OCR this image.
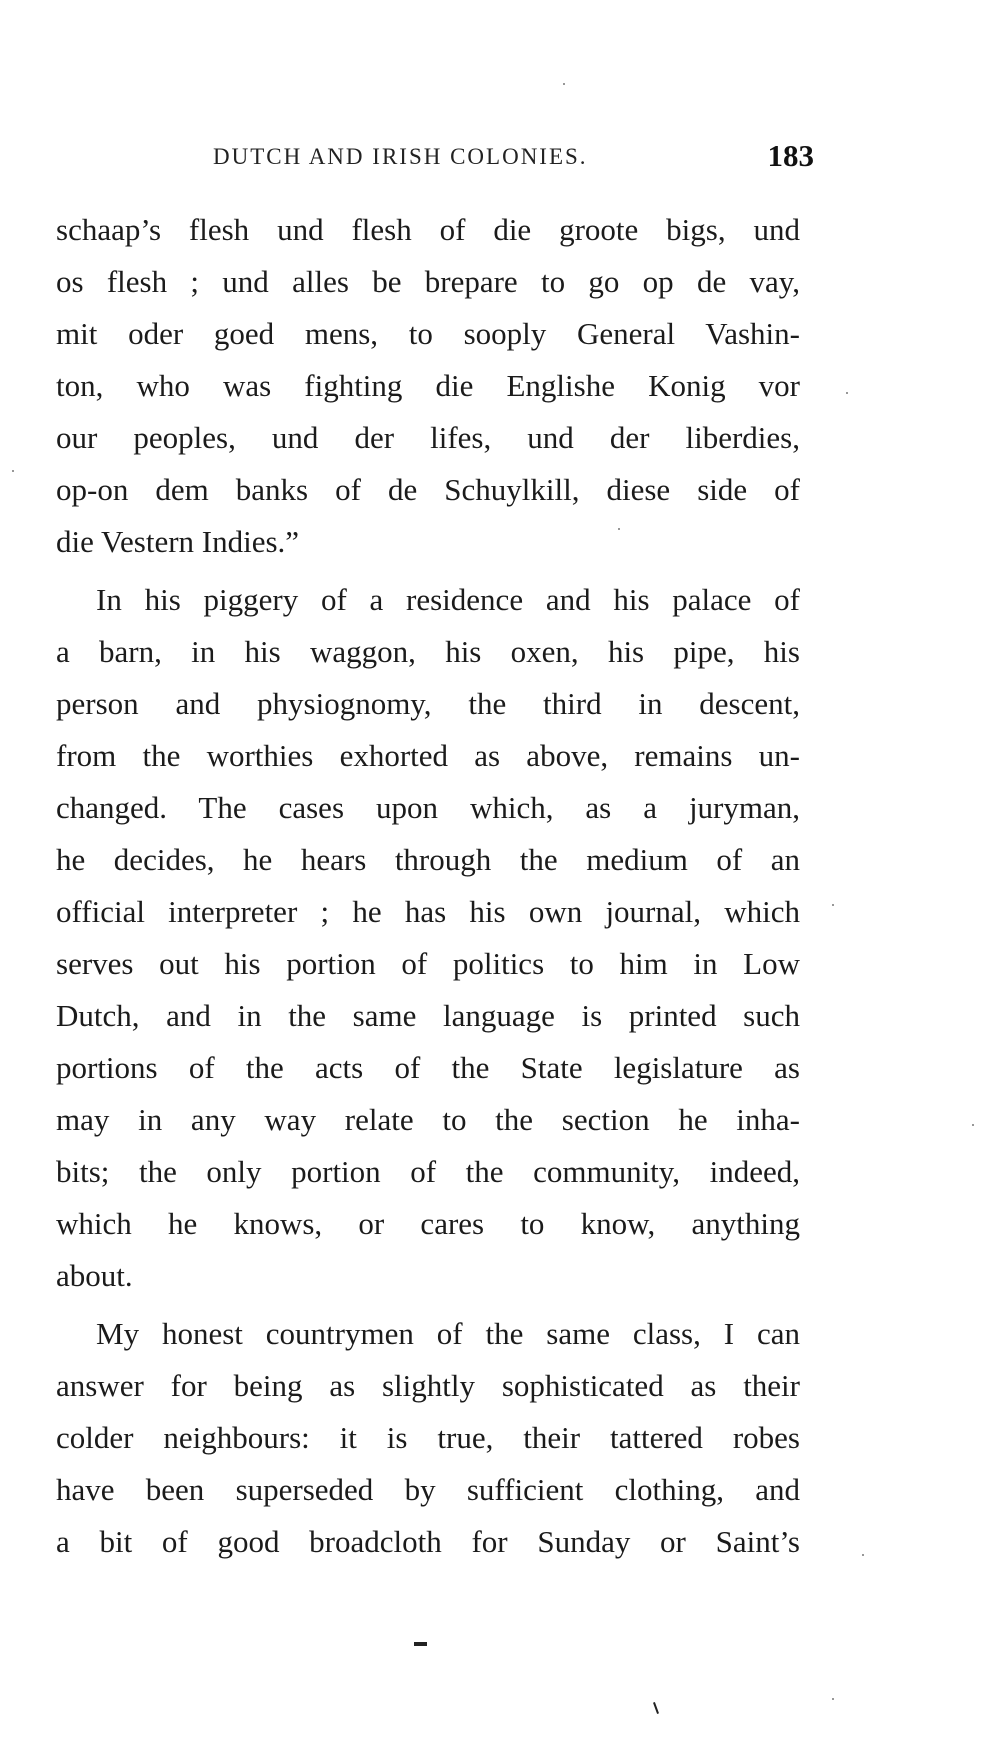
DUTCH AND IRISH COLONIES.	183
schaap’s flesh und flesh of die groote bigs, und
os flesh ; und alles be brepare to go op de vay,
mit oder goed mens, to sooply General Vashin-
ton, who was fighting die Englishe Konig vor
our peoples, und der lifes, und der liberdies,
op-on dem banks of de Schuylkill, diese side of
die Vestern Indies.”
In his piggery of a residence and his palace of
a barn, in his waggon, his oxen, his pipe, his
person and physiognomy, the third in descent,
from the worthies exhorted as above, remains un-
changed. The cases upon which, as a juryman,
he decides, he hears through the medium of an
official interpreter ; he has his own journal, which
serves out his portion of politics to him in Low
Dutch, and in the same language is printed such
portions of the acts of the State legislature as
may in any way relate to the section he inha-
bits; the only portion of the community, indeed,
which he knows, or cares to know, anything
about.
My honest countrymen of the same class, I can
answer for being as slightly sophisticated as their
colder neighbours: it is true, their tattered robes
have been superseded by sufficient clothing, and
a bit of good broadcloth for Sunday or Saint’s
